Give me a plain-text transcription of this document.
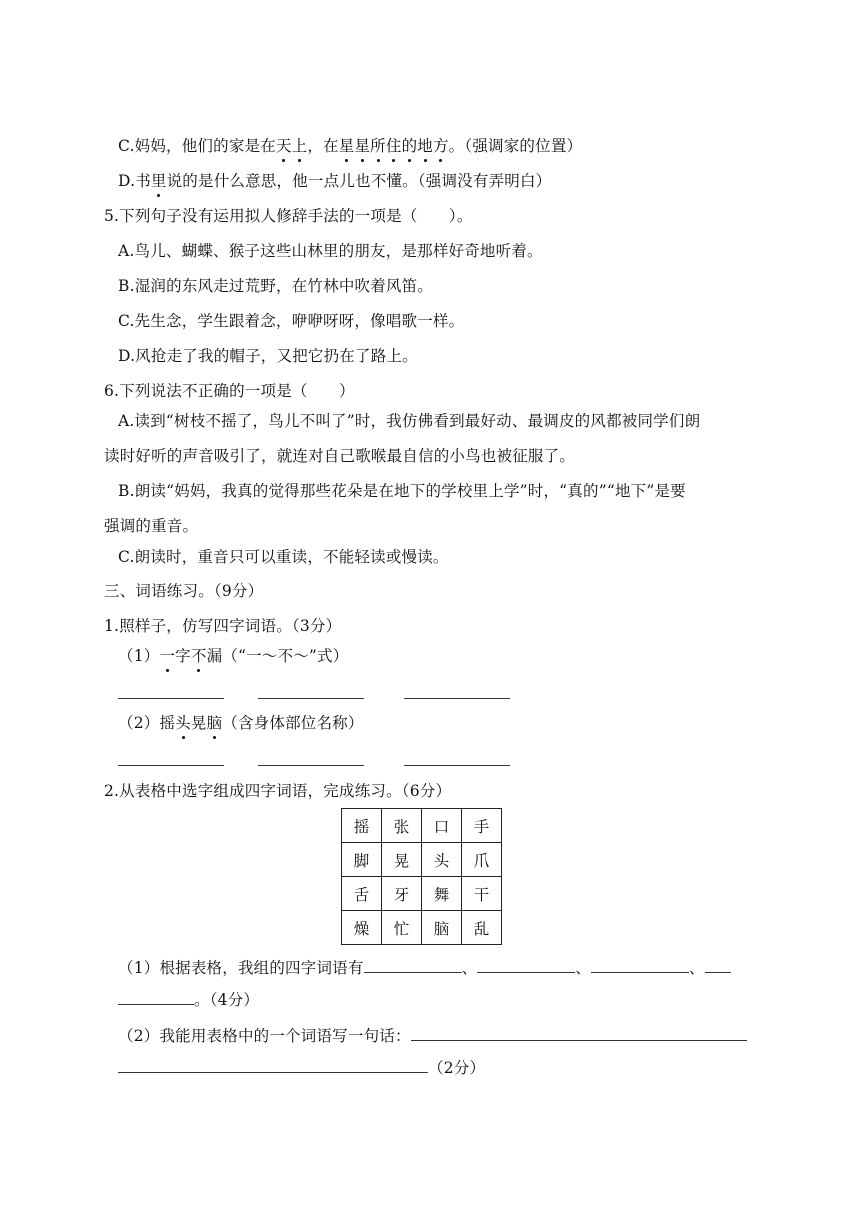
C.妈妈，他们的家是在天上，在星星所住的地方。（强调家的位置）
D.书里说的是什么意思，他一点儿也不懂。（强调没有弄明白）
5.下列句子没有运用拟人修辞手法的一项是（　　）。
A.鸟儿、蝴蝶、猴子这些山林里的朋友，是那样好奇地听着。
B.湿润的东风走过荒野，在竹林中吹着风笛。
C.先生念，学生跟着念，咿咿呀呀，像唱歌一样。
D.风抢走了我的帽子，又把它扔在了路上。
6.下列说法不正确的一项是（　　）
A.读到“树枝不摇了，鸟儿不叫了”时，我仿佛看到最好动、最调皮的风都被同学们朗
读时好听的声音吸引了，就连对自己歌喉最自信的小鸟也被征服了。
B.朗读“妈妈，我真的觉得那些花朵是在地下的学校里上学”时，“真的”“地下”是要
强调的重音。
C.朗读时，重音只可以重读，不能轻读或慢读。
三、词语练习。（9分）
1.照样子，仿写四字词语。（3分）
（1）一字不漏（“一～不～”式）
（2）摇头晃脑（含身体部位名称）
2.从表格中选字组成四字词语，完成练习。（6分）
摇	张	口	手
脚	晃	头	爪
舌	牙	舞	干
燥	忙	脑	乱
（1）根据表格，我组的四字词语有	、	、	、
。（4分）
（2）我能用表格中的一个词语写一句话：
（2分）
